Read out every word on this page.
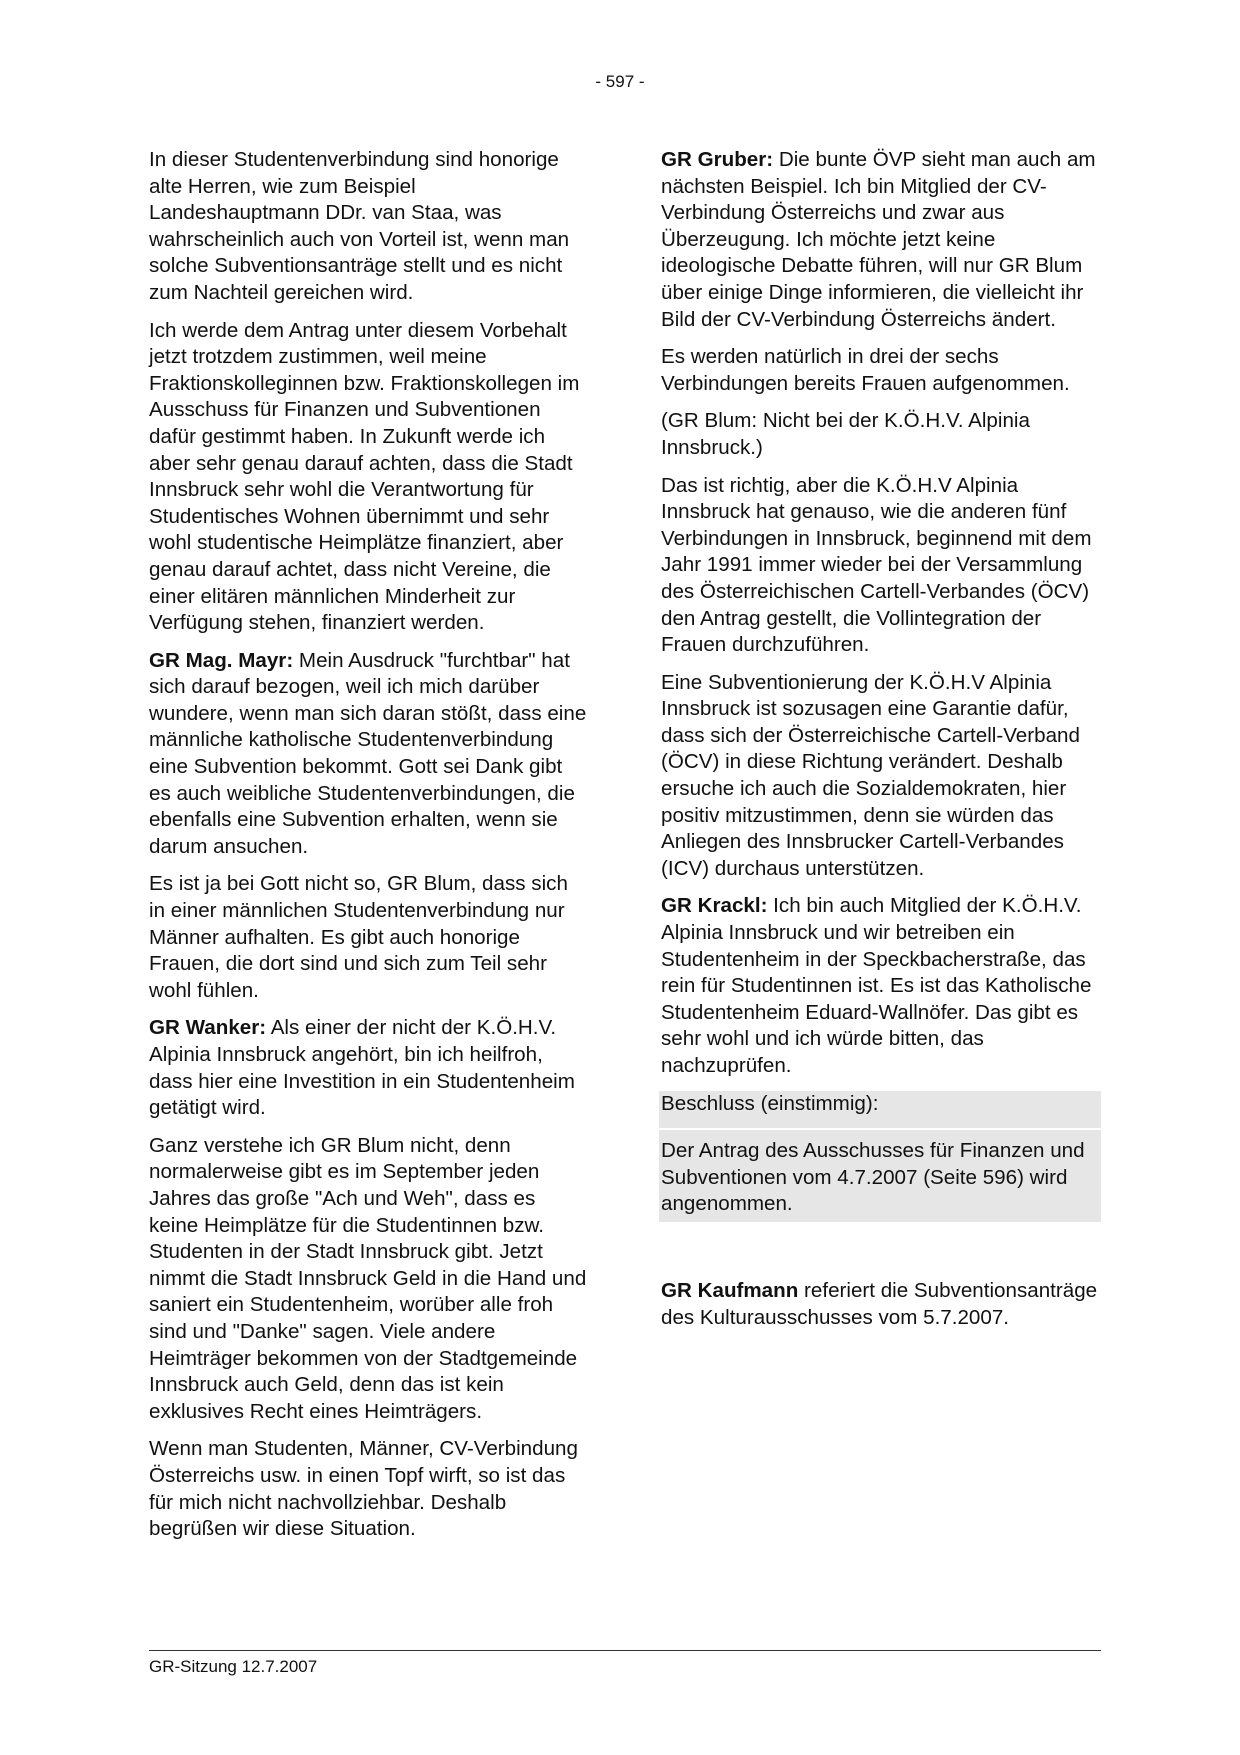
- 597 -

In dieser Studentenverbindung sind honorige alte Herren, wie zum Beispiel Landeshauptmann DDr. van Staa, was wahrscheinlich auch von Vorteil ist, wenn man solche Subventionsanträge stellt und es nicht zum Nachteil gereichen wird.

Ich werde dem Antrag unter diesem Vorbehalt jetzt trotzdem zustimmen, weil meine Fraktionskolleginnen bzw. Fraktionskollegen im Ausschuss für Finanzen und Subventionen dafür gestimmt haben. In Zukunft werde ich aber sehr genau darauf achten, dass die Stadt Innsbruck sehr wohl die Verantwortung für Studentisches Wohnen übernimmt und sehr wohl studentische Heimplätze finanziert, aber genau darauf achtet, dass nicht Vereine, die einer elitären männlichen Minderheit zur Verfügung stehen, finanziert werden.

GR Mag. Mayr: Mein Ausdruck "furchtbar" hat sich darauf bezogen, weil ich mich darüber wundere, wenn man sich daran stößt, dass eine männliche katholische Studentenverbindung eine Subvention bekommt. Gott sei Dank gibt es auch weibliche Studentenverbindungen, die ebenfalls eine Subvention erhalten, wenn sie darum ansuchen.

Es ist ja bei Gott nicht so, GR Blum, dass sich in einer männlichen Studentenverbindung nur Männer aufhalten. Es gibt auch honorige Frauen, die dort sind und sich zum Teil sehr wohl fühlen.

GR Wanker: Als einer der nicht der K.Ö.H.V. Alpinia Innsbruck angehört, bin ich heilfroh, dass hier eine Investition in ein Studentenheim getätigt wird.

Ganz verstehe ich GR Blum nicht, denn normalerweise gibt es im September jeden Jahres das große "Ach und Weh", dass es keine Heimplätze für die Studentinnen bzw. Studenten in der Stadt Innsbruck gibt. Jetzt nimmt die Stadt Innsbruck Geld in die Hand und saniert ein Studentenheim, worüber alle froh sind und "Danke" sagen. Viele andere Heimträger bekommen von der Stadtgemeinde Innsbruck auch Geld, denn das ist kein exklusives Recht eines Heimträgers.

Wenn man Studenten, Männer, CV-Verbindung Österreichs usw. in einen Topf wirft, so ist das für mich nicht nachvollziehbar. Deshalb begrüßen wir diese Situation.

GR Gruber: Die bunte ÖVP sieht man auch am nächsten Beispiel. Ich bin Mitglied der CV-Verbindung Österreichs und zwar aus Überzeugung. Ich möchte jetzt keine ideologische Debatte führen, will nur GR Blum über einige Dinge informieren, die vielleicht ihr Bild der CV-Verbindung Österreichs ändert.

Es werden natürlich in drei der sechs Verbindungen bereits Frauen aufgenommen.

(GR Blum: Nicht bei der K.Ö.H.V. Alpinia Innsbruck.)

Das ist richtig, aber die K.Ö.H.V Alpinia Innsbruck hat genauso, wie die anderen fünf Verbindungen in Innsbruck, beginnend mit dem Jahr 1991 immer wieder bei der Versammlung des Österreichischen Cartell-Verbandes (ÖCV) den Antrag gestellt, die Vollintegration der Frauen durchzuführen.

Eine Subventionierung der K.Ö.H.V Alpinia Innsbruck ist sozusagen eine Garantie dafür, dass sich der Österreichische Cartell-Verband (ÖCV) in diese Richtung verändert. Deshalb ersuche ich auch die Sozialdemokraten, hier positiv mitzustimmen, denn sie würden das Anliegen des Innsbrucker Cartell-Verbandes (ICV) durchaus unterstützen.

GR Krackl: Ich bin auch Mitglied der K.Ö.H.V. Alpinia Innsbruck und wir betreiben ein Studentenheim in der Speckbacherstraße, das rein für Studentinnen ist. Es ist das Katholische Studentenheim Eduard-Wallnöfer. Das gibt es sehr wohl und ich würde bitten, das nachzuprüfen.

Beschluss (einstimmig):

Der Antrag des Ausschusses für Finanzen und Subventionen vom 4.7.2007 (Seite 596) wird angenommen.

GR Kaufmann referiert die Subventionsanträge des Kulturausschusses vom 5.7.2007.

GR-Sitzung 12.7.2007
